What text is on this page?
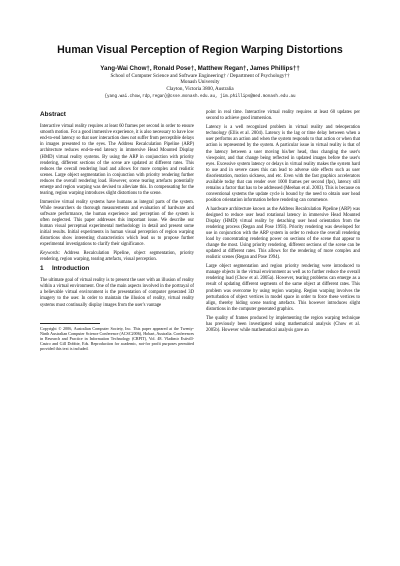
Human Visual Perception of Region Warping Distortions
Yang-Wai Chow†, Ronald Pose†, Matthew Regan†, James Phillips††
School of Computer Science and Software Engineering† / Department of Psychology††
Monash University
Clayton, Victoria 3800, Australia
{yang.wai.chow,rdp,regan}@csse.monash.edu.au, jim.phillips@med.monash.edu.au
Abstract

Interactive virtual reality requires at least 60 frames per second in order to ensure smooth motion. For a good immersive experience, it is also necessary to have low end-to-end latency so that user interaction does not suffer from perceptible delays in images presented to the eyes. The Address Recalculation Pipeline (ARP) architecture reduces end-to-end latency in immersive Head Mounted Display (HMD) virtual reality systems. By using the ARP in conjunction with priority rendering, different sections of the scene are updated at different rates. This reduces the overall rendering load and allows for more complex and realistic scenes. Large object segmentation in conjunction with priority rendering further reduces the overall rendering load. However, scene tearing artefacts potentially emerge and region warping was devised to alleviate this. In compensating for the tearing, region warping introduces slight distortions to the scene.

Immersive virtual reality systems have humans as integral parts of the system. While researchers do thorough measurements and evaluation of hardware and software performance, the human experience and perception of the system is often neglected. This paper addresses this important issue. We describe our human visual perceptual experimental methodology in detail and present some initial results. Initial experiments in human visual perception of region warping distortions show interesting characteristics which lead us to propose further experimental investigations to clarify their significance.

Keywords: Address Recalculation Pipeline, object segmentation, priority rendering, region warping, tearing artefacts, visual perception.

1 Introduction

The ultimate goal of virtual reality is to present the user with an illusion of reality within a virtual environment. One of the main aspects involved in the portrayal of a believable virtual environment is the presentation of computer generated 3D imagery to the user. In order to maintain the illusion of reality, virtual reality systems must continually display images from the user's vantage

Copyright © 2006, Australian Computer Society, Inc. This paper appeared at the Twenty-Ninth Australian Computer Science Conference (ACSC2006), Hobart, Australia. Conferences in Research and Practice in Information Technology (CRPIT), Vol. 48. Vladimir Estivill-Castro and Gill Dobbie, Eds. Reproduction for academic, not-for profit purposes permitted provided this text is included.

point in real time. Interactive virtual reality requires at least 60 updates per second to achieve good immersion.

Latency is a well recognized problem in virtual reality and teleoperation technology (Ellis et al. 2004). Latency is the lag or time delay between when a user performs an action and when the system responds to that action or when that action is represented by the system. A particular issue in virtual reality is that of the latency between a user moving his/her head, thus changing the user's viewpoint, and that change being reflected in updated images before the user's eyes. Excessive system latency or delays in virtual reality makes the system hard to use and in severe cases this can lead to adverse side effects such as user disorientation, motion sickness, and etc. Even with the fast graphics accelerators available today that can render over 1000 frames per second (fps), latency still remains a factor that has to be addressed (Meehan et al. 2003). This is because on conventional systems the update cycle is bound by the need to obtain user head position orientation information before rendering can commence.

A hardware architecture known as the Address Recalculation Pipeline (ARP) was designed to reduce user head rotational latency in immersive Head Mounted Display (HMD) virtual reality by detaching user head orientation from the rendering process (Regan and Pose 1993). Priority rendering was developed for use in conjunction with the ARP system in order to reduce the overall rendering load by concentrating rendering power on sections of the scene that appear to change the most. Using priority rendering, different sections of the scene can be updated at different rates. This allows for the rendering of more complex and realistic scenes (Regan and Pose 1994).

Large object segmentation and region priority rendering were introduced to manage objects in the virtual environment as well as to further reduce the overall rendering load (Chow et al. 2005a). However, tearing problems can emerge as a result of updating different segments of the same object at different rates. This problem was overcome by using region warping. Region warping involves the perturbation of object vertices in model space in order to force these vertices to align, thereby hiding scene tearing artefacts. This however introduces slight distortions in the computer generated graphics.

The quality of frames produced by implementing the region warping technique has previously been investigated using mathematical analysis (Chow et al. 2005b). However while mathematical analysis gave an
